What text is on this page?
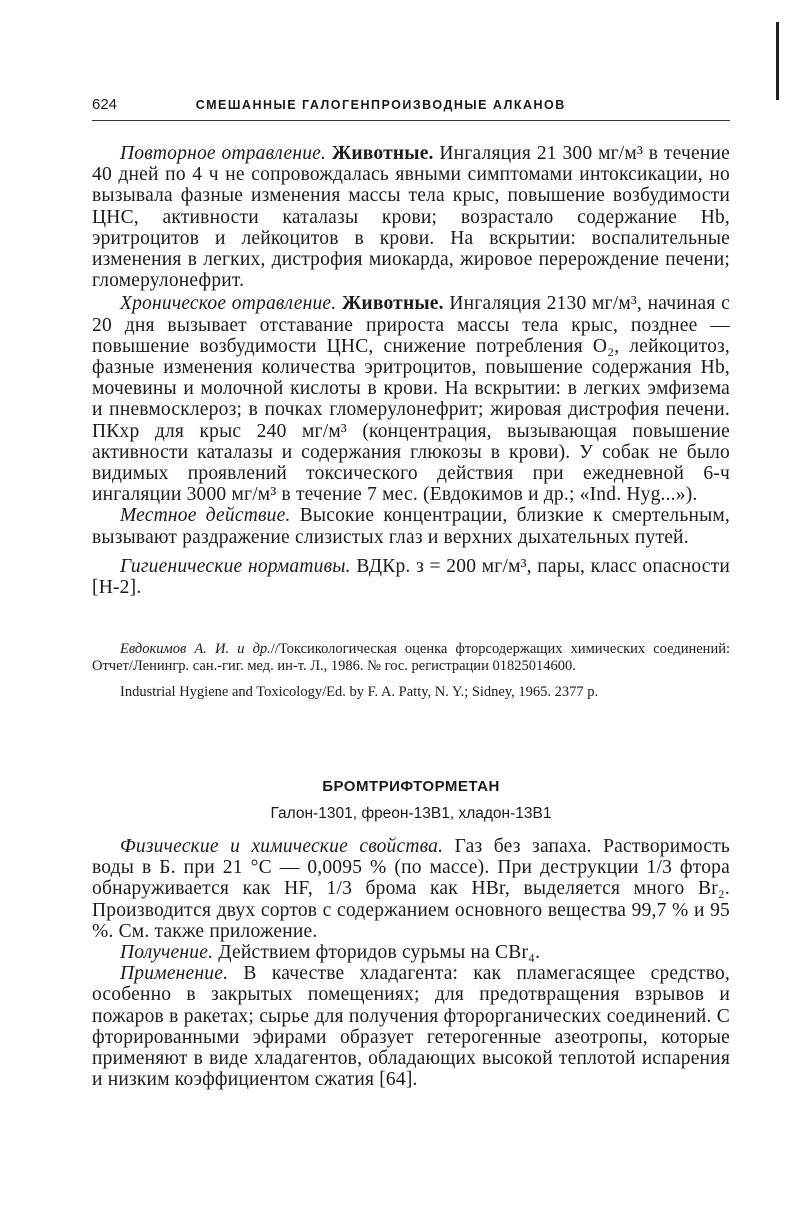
624	СМЕШАННЫЕ ГАЛОГЕНПРОИЗВОДНЫЕ АЛКАНОВ

Повторное отравление. Животные. Ингаляция 21 300 мг/м³ в течение 40 дней по 4 ч не сопровождалась явными симптомами интоксикации, но вызывала фазные изменения массы тела крыс, повышение возбудимости ЦНС, активности каталазы крови; возрастало содержание Hb, эритроцитов и лейкоцитов в крови. На вскрытии: воспалительные изменения в легких, дистрофия миокарда, жировое перерождение печени; гломерулонефрит.

Хроническое отравление. Животные. Ингаляция 2130 мг/м³, начиная с 20 дня вызывает отставание прироста массы тела крыс, позднее — повышение возбудимости ЦНС, снижение потребления O₂, лейкоцитоз, фазные изменения количества эритроцитов, повышение содержания Hb, мочевины и молочной кислоты в крови. На вскрытии: в легких эмфизема и пневмосклероз; в почках гломерулонефрит; жировая дистрофия печени. ПКхр для крыс 240 мг/м³ (концентрация, вызывающая повышение активности каталазы и содержания глюкозы в крови). У собак не было видимых проявлений токсического действия при ежедневной 6-ч ингаляции 3000 мг/м³ в течение 7 мес. (Евдокимов и др.; «Ind. Hyg...»).

Местное действие. Высокие концентрации, близкие к смертельным, вызывают раздражение слизистых глаз и верхних дыхательных путей.

Гигиенические нормативы. ВДКр. з = 200 мг/м³, пары, класс опасности [Н-2].

Евдокимов А. И. и др.//Токсикологическая оценка фторсодержащих химических соединений: Отчет/Ленингр. сан.-гиг. мед. ин-т. Л., 1986. № гос. регистрации 01825014600.

Industrial Hygiene and Toxicology/Ed. by F. A. Patty, N. Y.; Sidney, 1965. 2377 p.

БРОМТРИФТОРМЕТАН
Галон-1301, фреон-13В1, хладон-13В1

Физические и химические свойства. Газ без запаха. Растворимость воды в Б. при 21 °С — 0,0095 % (по массе). При деструкции 1/3 фтора обнаруживается как HF, 1/3 брома как HBr, выделяется много Br₂. Производится двух сортов с содержанием основного вещества 99,7 % и 95 %. См. также приложение.

Получение. Действием фторидов сурьмы на CBr₄.

Применение. В качестве хладагента: как пламегасящее средство, особенно в закрытых помещениях; для предотвращения взрывов и пожаров в ракетах; сырье для получения фторорганических соединений. С фторированными эфирами образует гетерогенные азеотропы, которые применяют в виде хладагентов, обладающих высокой теплотой испарения и низким коэффициентом сжатия [64].
